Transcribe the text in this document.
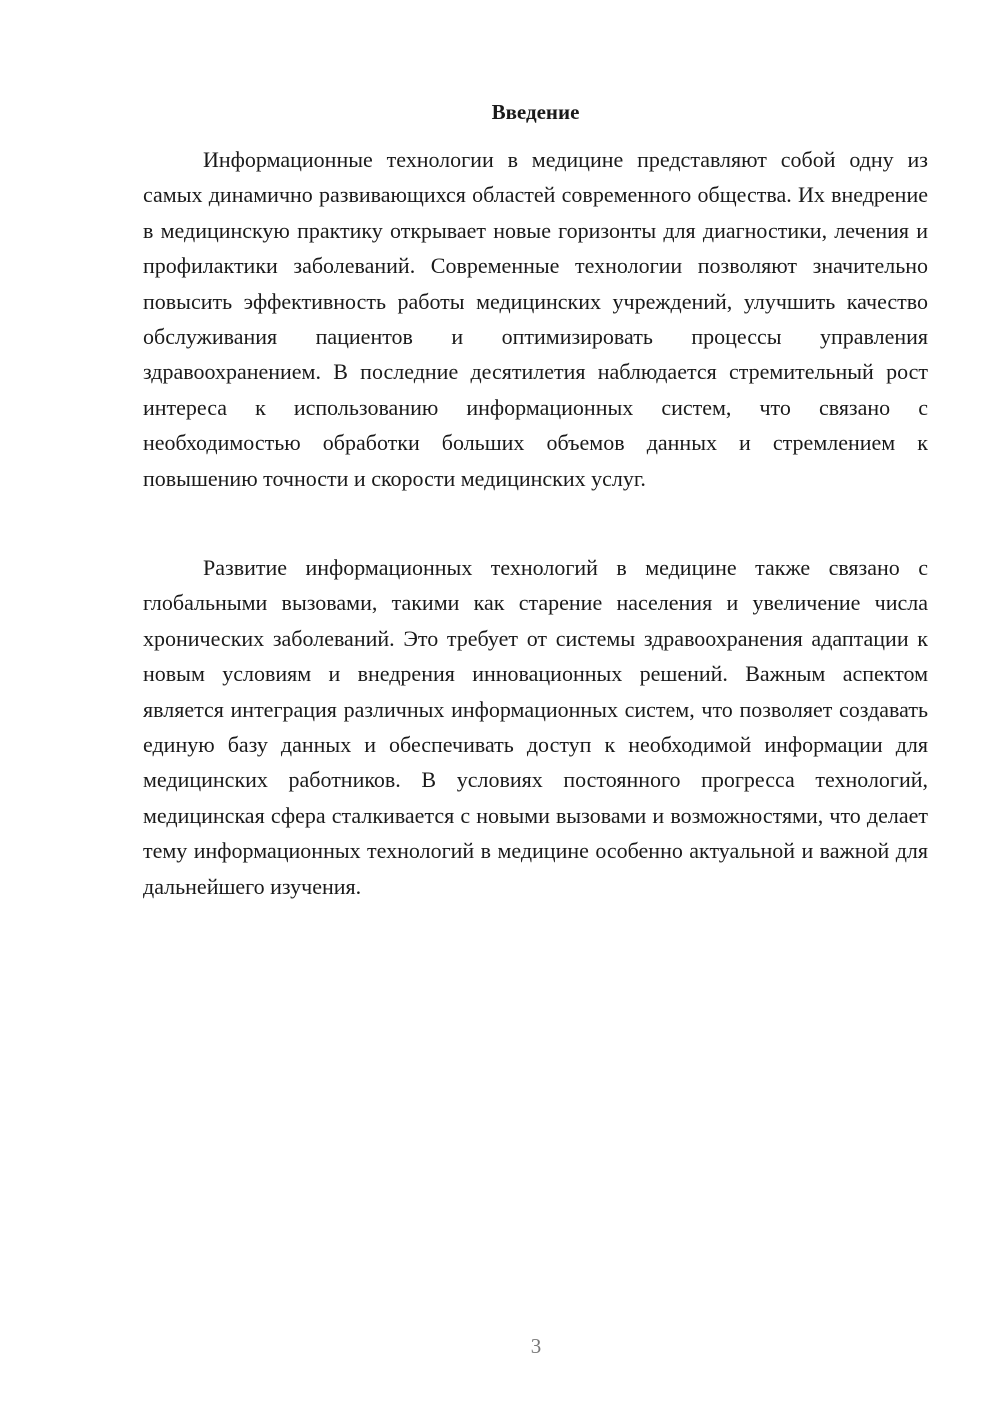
Введение

Информационные технологии в медицине представляют собой одну из самых динамично развивающихся областей современного общества. Их внедрение в медицинскую практику открывает новые горизонты для диагностики, лечения и профилактики заболеваний. Современные технологии позволяют значительно повысить эффективность работы медицинских учреждений, улучшить качество обслуживания пациентов и оптимизировать процессы управления здравоохранением. В последние десятилетия наблюдается стремительный рост интереса к использованию информационных систем, что связано с необходимостью обработки больших объемов данных и стремлением к повышению точности и скорости медицинских услуг.

Развитие информационных технологий в медицине также связано с глобальными вызовами, такими как старение населения и увеличение числа хронических заболеваний. Это требует от системы здравоохранения адаптации к новым условиям и внедрения инновационных решений. Важным аспектом является интеграция различных информационных систем, что позволяет создавать единую базу данных и обеспечивать доступ к необходимой информации для медицинских работников. В условиях постоянного прогресса технологий, медицинская сфера сталкивается с новыми вызовами и возможностями, что делает тему информационных технологий в медицине особенно актуальной и важной для дальнейшего изучения.

3
